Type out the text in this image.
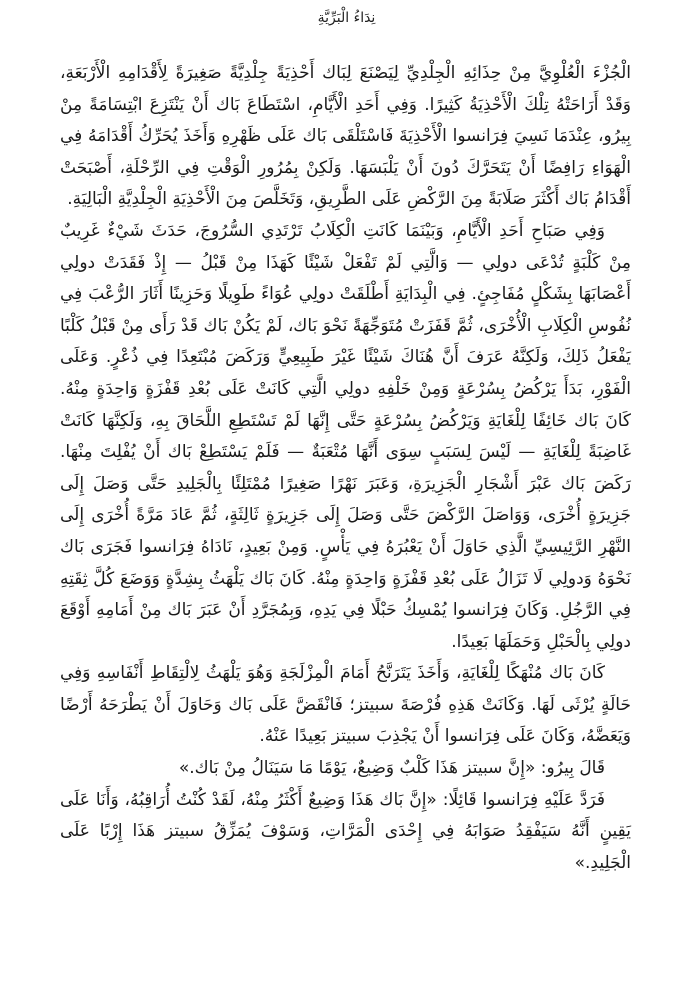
نِدَاءُ الْبَرِّيَّةِ

الْجُزْءَ الْعُلْوِيَّ مِنْ حِذَائِهِ الْجِلْدِيِّ لِيَصْنَعَ لِبَاك أَحْذِيَةً جِلْدِيَّةً صَغِيرَةً لِأَقْدَامِهِ الْأَرْبَعَةِ، وَقَدْ أَرَاحَتْهُ تِلْكَ الْأَحْذِيَةُ كَثِيرًا. وَفِي أَحَدِ الْأَيَّامِ، اسْتَطَاعَ بَاك أَنْ يَنْتَزِعَ ابْتِسَامَةً مِنْ بِيرُو، عِنْدَمَا نَسِيَ فِرَانسوا الْأَحْذِيَةَ فَاسْتَلْقَى بَاك عَلَى ظَهْرِهِ وَأَخَذَ يُحَرِّكُ أَقْدَامَهُ فِي الْهَوَاءِ رَافِضًا أَنْ يَتَحَرَّكَ دُونَ أَنْ يَلْبَسَهَا. وَلَكِنْ بِمُرُورِ الْوَقْتِ فِي الرِّحْلَةِ، أَصْبَحَتْ أَقْدَامُ بَاك أَكْثَرَ صَلَابَةً مِنَ الرَّكْضِ عَلَى الطَّرِيقِ، وَتَخَلَّصَ مِنَ الْأَحْذِيَةِ الْجِلْدِيَّةِ الْبَالِيَةِ.

وَفِي صَبَاحِ أَحَدِ الْأَيَّامِ، وَبَيْنَمَا كَانَتِ الْكِلَابُ تَرْتَدِي السُّرُوجَ، حَدَثَ شَيْءٌ غَرِيبٌ مِنْ كَلْبَةٍ تُدْعَى دولِي — وَالَّتِي لَمْ تَفْعَلْ شَيْئًا كَهَذَا مِنْ قَبْلُ — إِذْ فَقَدَتْ دولِي أَعْصَابَهَا بِشَكْلٍ مُفَاجِئٍ. فِي الْبِدَايَةِ أَطْلَقَتْ دولِي عُوَاءً طَوِيلًا وَحَزِينًا أَثَارَ الرُّعْبَ فِي نُفُوسِ الْكِلَابِ الْأُخْرَى، ثُمَّ قَفَزَتْ مُتَوَجِّهَةً نَحْوَ بَاك، لَمْ يَكُنْ بَاك قَدْ رَأَى مِنْ قَبْلُ كَلْبًا يَفْعَلُ ذَلِكَ، وَلَكِنَّهُ عَرَفَ أَنَّ هُنَاكَ شَيْئًا غَيْرَ طَبِيعِيٍّ وَرَكَضَ مُبْتَعِدًا فِي ذُعْرٍ. وَعَلَى الْفَوْرِ، بَدَأَ يَرْكُضُ بِسُرْعَةٍ وَمِنْ خَلْفِهِ دولِي الَّتِي كَانَتْ عَلَى بُعْدِ قَفْزَةٍ وَاحِدَةٍ مِنْهُ. كَانَ بَاك خَائِفًا لِلْغَايَةِ وَيَرْكُضُ بِسُرْعَةٍ حَتَّى إِنَّهَا لَمْ تَسْتَطِعِ اللَّحَاقَ بِهِ، وَلَكِنَّهَا كَانَتْ غَاضِبَةً لِلْغَايَةِ — لَيْسَ لِسَبَبٍ سِوَى أَنَّهَا مُتْعَبَةٌ — فَلَمْ يَسْتَطِعْ بَاك أَنْ يُفْلِتَ مِنْهَا. رَكَضَ بَاك عَبْرَ أَشْجَارِ الْجَزِيرَةِ، وَعَبَرَ نَهْرًا صَغِيرًا مُمْتَلِئًا بِالْجَلِيدِ حَتَّى وَصَلَ إِلَى جَزِيرَةٍ أُخْرَى، وَوَاصَلَ الرَّكْضَ حَتَّى وَصَلَ إِلَى جَزِيرَةٍ ثَالِثَةٍ، ثُمَّ عَادَ مَرَّةً أُخْرَى إِلَى النَّهْرِ الرَّئِيسِيِّ الَّذِي حَاوَلَ أَنْ يَعْبُرَهُ فِي يَأْسٍ. وَمِنْ بَعِيدٍ، نَادَاهُ فِرَانسوا فَجَرَى بَاك نَحْوَهُ وَدولِي لَا تَزَالُ عَلَى بُعْدِ قَفْزَةٍ وَاحِدَةٍ مِنْهُ. كَانَ بَاك يَلْهَثُ بِشِدَّةٍ وَوَضَعَ كُلَّ ثِقَتِهِ فِي الرَّجُلِ. وَكَانَ فِرَانسوا يُمْسِكُ حَبْلًا فِي يَدِهِ، وَبِمُجَرَّدِ أَنْ عَبَرَ بَاك مِنْ أَمَامِهِ أَوْقَعَ دولِي بِالْحَبْلِ وَحَمَلَهَا بَعِيدًا.

كَانَ بَاك مُنْهَكًا لِلْغَايَةِ، وَأَخَذَ يَتَرَنَّحُ أَمَامَ الْمِزْلَجَةِ وَهُوَ يَلْهَثُ لِالْتِقَاطِ أَنْفَاسِهِ وَفِي حَالَةٍ يُرْثَى لَهَا. وَكَانَتْ هَذِهِ فُرْصَةَ سبيتز؛ فَانْقَضَّ عَلَى بَاك وَحَاوَلَ أَنْ يَطْرَحَهُ أَرْضًا وَيَعَضَّهُ، وَكَانَ عَلَى فِرَانسوا أَنْ يَجْذِبَ سبيتز بَعِيدًا عَنْهُ.

قَالَ بِيرُو: «إِنَّ سبيتز هَذَا كَلْبٌ وَضِيعٌ، يَوْمًا مَا سَيَنَالُ مِنْ بَاك.»

فَرَدَّ عَلَيْهِ فِرَانسوا قَائِلًا: «إِنَّ بَاك هَذَا وَضِيعٌ أَكْثَرُ مِنْهُ، لَقَدْ كُنْتُ أُرَاقِبُهُ، وَأَنَا عَلَى يَقِينٍ أَنَّهُ سَيَفْقِدُ صَوَابَهُ فِي إِحْدَى الْمَرَّاتِ، وَسَوْفَ يُمَزِّقُ سبيتز هَذَا إِرْبًا عَلَى الْجَلِيدِ.»
